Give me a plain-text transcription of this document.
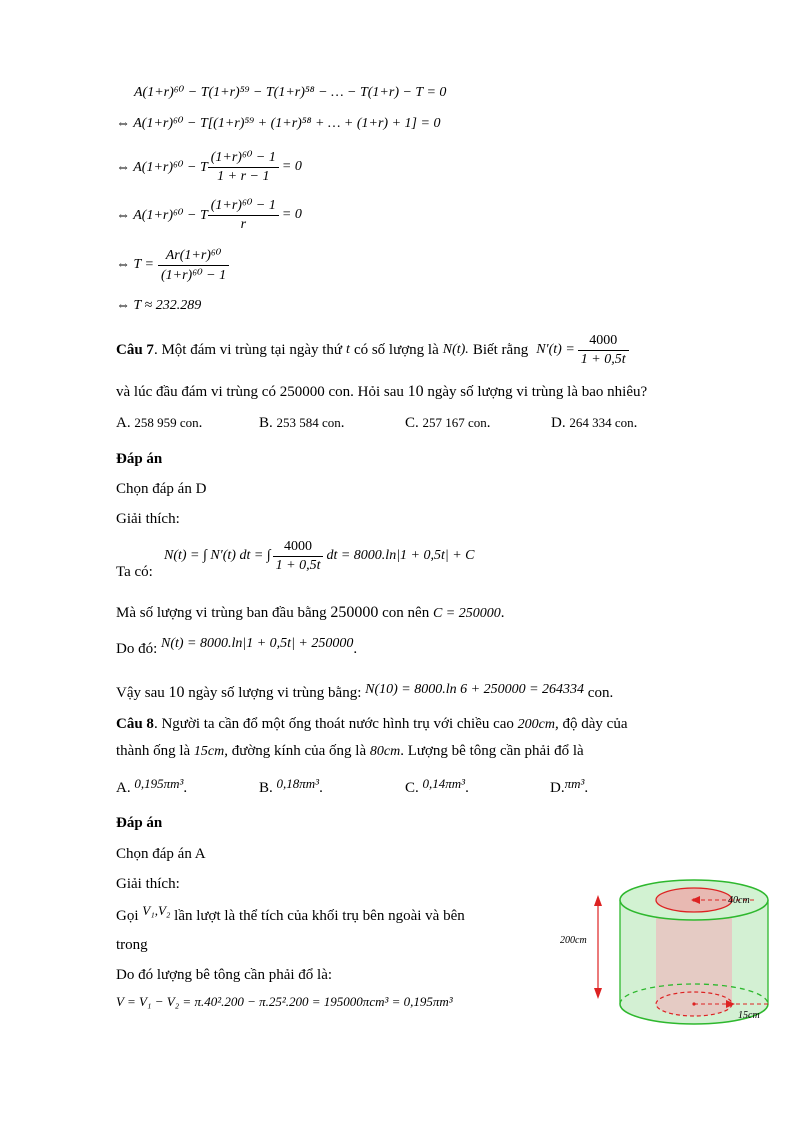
A(1+r)⁶⁰ − T(1+r)⁵⁹ − T(1+r)⁵⁸ − … − T(1+r) − T = 0
⇔ A(1+r)⁶⁰ − T[(1+r)⁵⁹ + (1+r)⁵⁸ + … + (1+r) + 1] = 0
⇔ A(1+r)⁶⁰ − T $\frac{\text{(1+r)⁶⁰ − 1}}{1 + r - 1} = 0$
⇔ A(1+r)⁶⁰ − T $\frac{\text{(1+r)⁶⁰ − 1}}{r} = 0$
⇔ $T = \frac{\text{Ar(1+r)⁶⁰}}{\text{(1+r)⁶⁰ − 1}}$
⇔ T ≈ 232.289
Câu 7 . Một đám vi trùng tại ngày thứ t có số lượng là N(t). Biết rằng $N'(t) = \frac{4000}{1 + 0,5t}$
và lúc đầu đám vi trùng có 250000 con. Hỏi sau 10 ngày số lượng vi trùng là bao nhiêu?
A. 258 959 con.	B. 253 584 con.	C. 257 167 con.	D. 264 334 con.
Đáp án
Chọn đáp án D
Giải thích:
Ta có:
N(t) = ∫ N′(t) dt = ∫ $\frac{4000}{1 + 0,5t}$ dt = 8000.ln|1 + 0,5t| + C
Mà số lượng vi trùng ban đầu bằng 250000 con nên C = 250000.
Do đó: N(t) = 8000.ln|1 + 0,5t| + 250000.
Vậy sau 10 ngày số lượng vi trùng bằng: N(10) = 8000.ln 6 + 250000 = 264334 con.
Câu 8. Người ta cần đổ một ống thoát nước hình trụ với chiều cao 200cm, độ dày của
thành ống là 15cm, đường kính của ống là 80cm. Lượng bê tông cần phải đổ là
A. 0,195πm³.	B. 0,18πm³.	C. 0,14πm³.	D.πm³.
Đáp án
Chọn đáp án A
Giải thích:
Gọi V₁,V₂ lần lượt là thể tích của khối trụ bên ngoài và bên
trong
Do đó lượng bê tông cần phải đổ là:
V = V₁ − V₂ = π.40².200 − π.25².200 = 195000πcm³ = 0,195πm³
40cm
15cm
200cm
